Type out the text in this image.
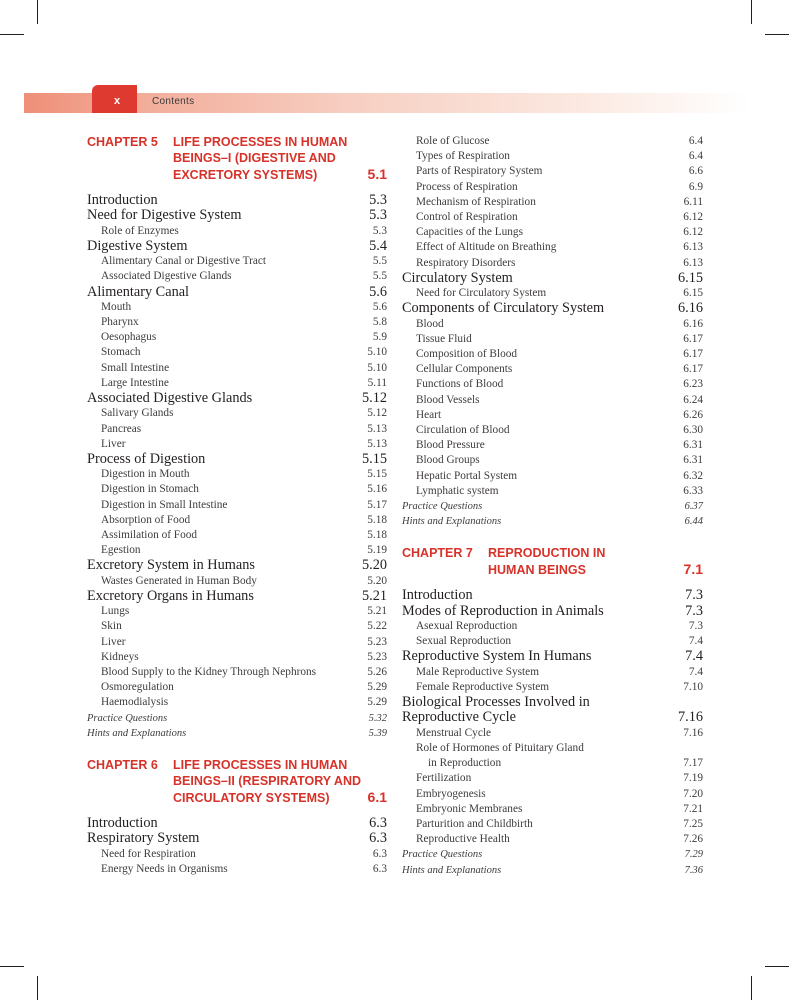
x	Contents
CHAPTER 5	LIFE PROCESSES IN HUMAN
BEINGS–I (DIGESTIVE AND
EXCRETORY SYSTEMS)	5.1
Introduction	5.3
Need for Digestive System	5.3
Role of Enzymes	5.3
Digestive System	5.4
Alimentary Canal or Digestive Tract	5.5
Associated Digestive Glands	5.5
Alimentary Canal	5.6
Mouth	5.6
Pharynx	5.8
Oesophagus	5.9
Stomach	5.10
Small Intestine	5.10
Large Intestine	5.11
Associated Digestive Glands	5.12
Salivary Glands	5.12
Pancreas	5.13
Liver	5.13
Process of Digestion	5.15
Digestion in Mouth	5.15
Digestion in Stomach	5.16
Digestion in Small Intestine	5.17
Absorption of Food	5.18
Assimilation of Food	5.18
Egestion	5.19
Excretory System in Humans	5.20
Wastes Generated in Human Body	5.20
Excretory Organs in Humans	5.21
Lungs	5.21
Skin	5.22
Liver	5.23
Kidneys	5.23
Blood Supply to the Kidney Through Nephrons	5.26
Osmoregulation	5.29
Haemodialysis	5.29
Practice Questions	5.32
Hints and Explanations	5.39
CHAPTER 6	LIFE PROCESSES IN HUMAN
BEINGS–II (RESPIRATORY AND
CIRCULATORY SYSTEMS)	6.1
Introduction	6.3
Respiratory System	6.3
Need for Respiration	6.3
Energy Needs in Organisms	6.3
Role of Glucose	6.4
Types of Respiration	6.4
Parts of Respiratory System	6.6
Process of Respiration	6.9
Mechanism of Respiration	6.11
Control of Respiration	6.12
Capacities of the Lungs	6.12
Effect of Altitude on Breathing	6.13
Respiratory Disorders	6.13
Circulatory System	6.15
Need for Circulatory System	6.15
Components of Circulatory System	6.16
Blood	6.16
Tissue Fluid	6.17
Composition of Blood	6.17
Cellular Components	6.17
Functions of Blood	6.23
Blood Vessels	6.24
Heart	6.26
Circulation of Blood	6.30
Blood Pressure	6.31
Blood Groups	6.31
Hepatic Portal System	6.32
Lymphatic system	6.33
Practice Questions	6.37
Hints and Explanations	6.44
CHAPTER 7	REPRODUCTION IN
HUMAN BEINGS	7.1
Introduction	7.3
Modes of Reproduction in Animals	7.3
Asexual Reproduction	7.3
Sexual Reproduction	7.4
Reproductive System In Humans	7.4
Male Reproductive System	7.4
Female Reproductive System	7.10
Biological Processes Involved in
Reproductive Cycle	7.16
Menstrual Cycle	7.16
Role of Hormones of Pituitary Gland
in Reproduction	7.17
Fertilization	7.19
Embryogenesis	7.20
Embryonic Membranes	7.21
Parturition and Childbirth	7.25
Reproductive Health	7.26
Practice Questions	7.29
Hints and Explanations	7.36
